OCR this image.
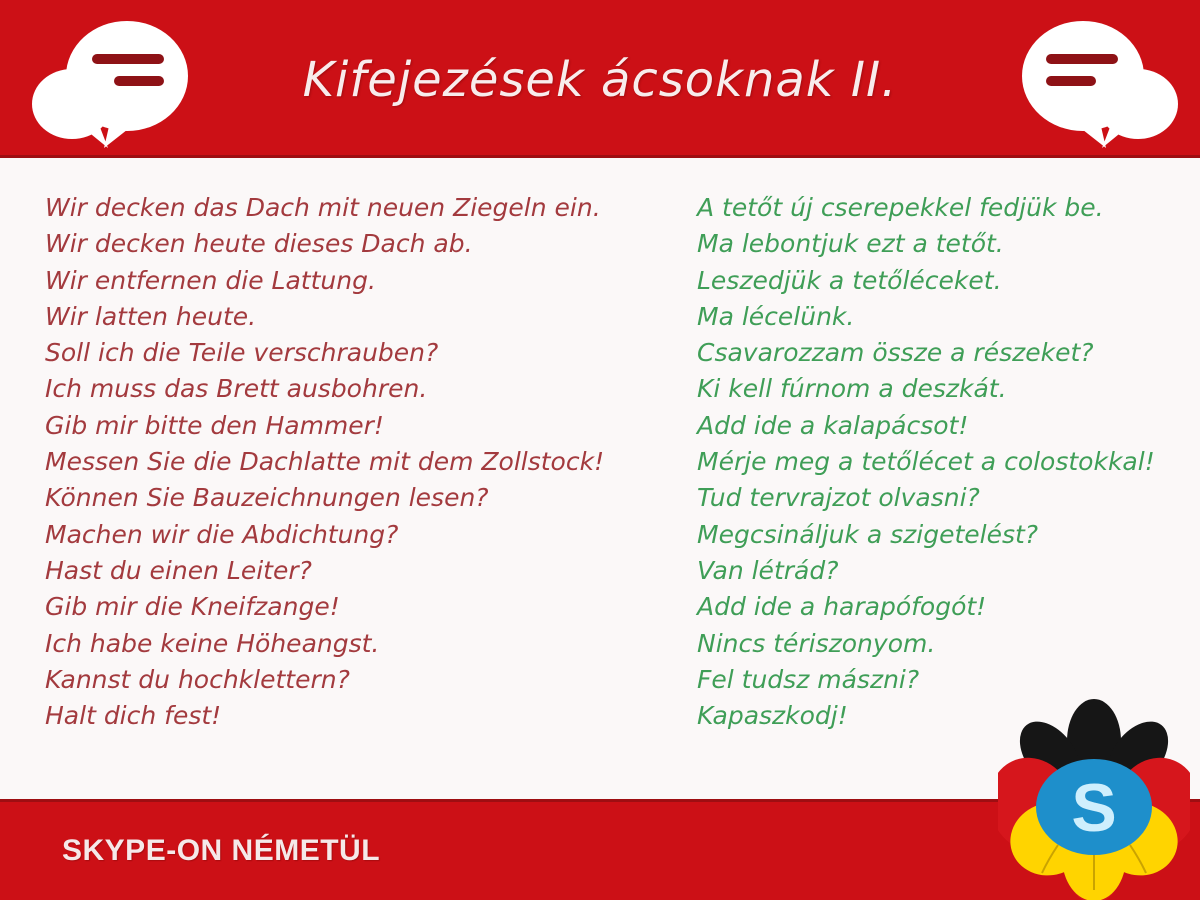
Kifejezések ácsoknak II.
Wir decken das Dach mit neuen Ziegeln ein.
Wir decken heute dieses Dach ab.
Wir entfernen die Lattung.
Wir latten heute.
Soll ich die Teile verschrauben?
Ich muss das Brett ausbohren.
Gib mir bitte den Hammer!
Messen Sie die Dachlatte mit dem Zollstock!
Können Sie Bauzeichnungen lesen?
Machen wir die Abdichtung?
Hast du einen Leiter?
Gib mir die Kneifzange!
Ich habe keine Höheangst.
Kannst du hochklettern?
Halt dich fest!
A tetőt új cserepekkel fedjük be.
Ma lebontjuk ezt a tetőt.
Leszedjük a tetőléceket.
Ma lécelünk.
Csavarozzam össze a részeket?
Ki kell fúrnom a deszkát.
Add ide a kalapácsot!
Mérje meg a tetőlécet a colostokkal!
Tud tervrajzot olvasni?
Megcsináljuk a szigetelést?
Van létrád?
Add ide a harapófogót!
Nincs tériszonyom.
Fel tudsz mászni?
Kapaszkodj!
SKYPE-ON NÉMETÜL
S
